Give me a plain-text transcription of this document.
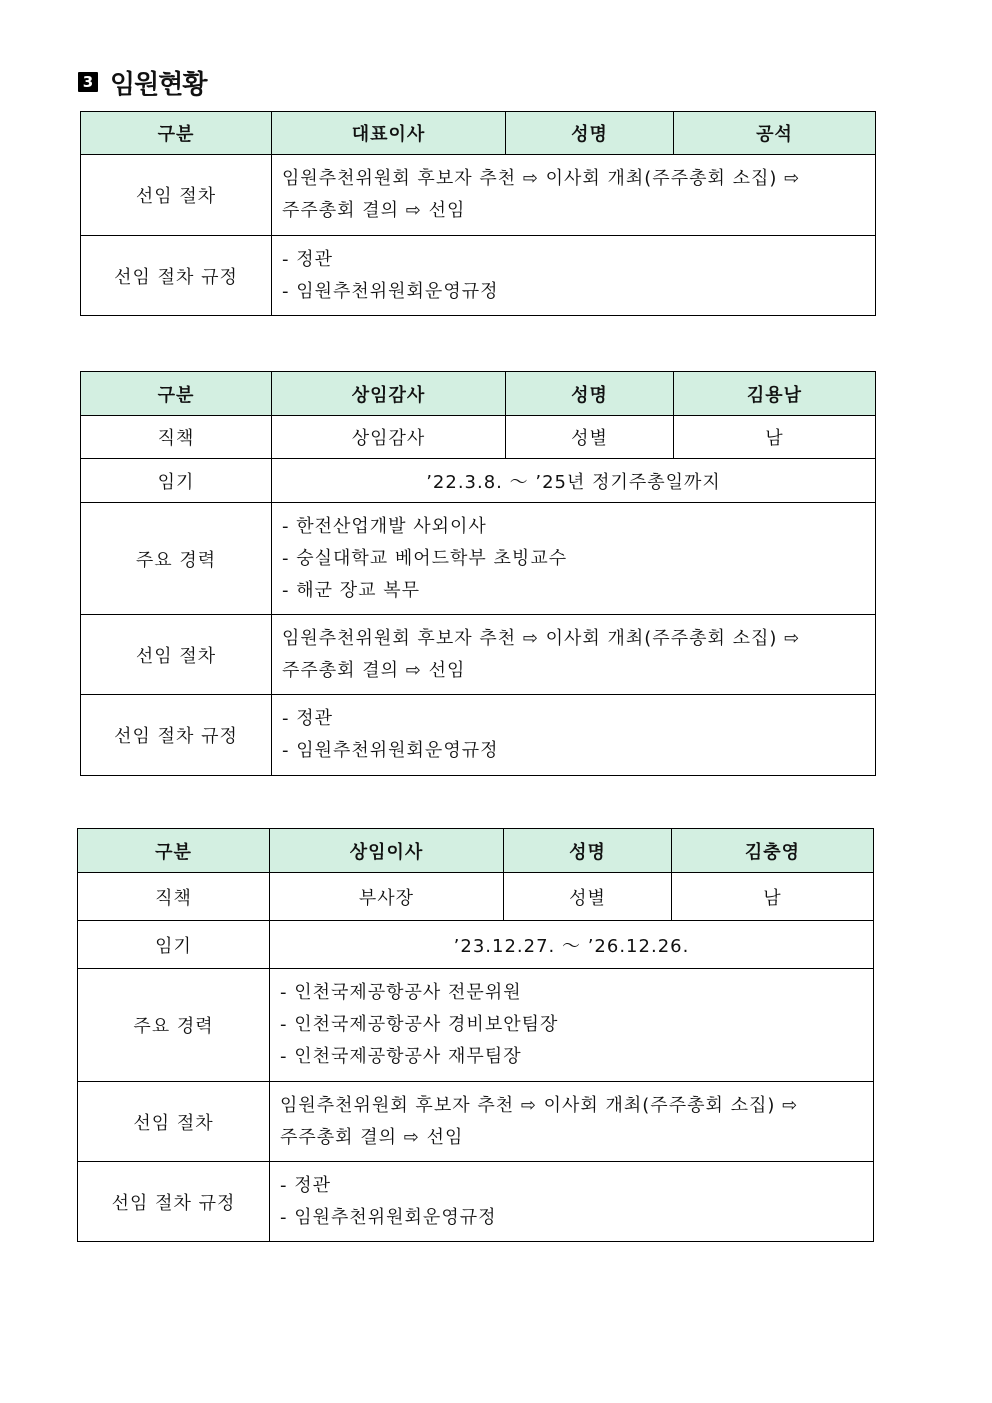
3 임원현황
구분	대표이사	성명	공석
선임 절차	임원추천위원회 후보자 추천 ⇨ 이사회 개최(주주총회 소집) ⇨
주주총회 결의 ⇨ 선임		

선임 절차 규정	- 정관
- 임원추천위원회운영규정		
구분	상임감사	성명	김용남
직책	상임감사	성별	남
임기	’22.3.8. ～ ’25년 정기주총일까지		
주요 경력	- 한전산업개발 사외이사
- 숭실대학교 베어드학부 초빙교수
- 해군 장교 복무		

선임 절차	임원추천위원회 후보자 추천 ⇨ 이사회 개최(주주총회 소집) ⇨
주주총회 결의 ⇨ 선임		

선임 절차 규정	- 정관
- 임원추천위원회운영규정		
구분	상임이사	성명	김충영
직책	부사장	성별	남
임기	’23.12.27. ～ ’26.12.26.		
주요 경력	- 인천국제공항공사 전문위원
- 인천국제공항공사 경비보안팀장
- 인천국제공항공사 재무팀장		

선임 절차	임원추천위원회 후보자 추천 ⇨ 이사회 개최(주주총회 소집) ⇨
주주총회 결의 ⇨ 선임		

선임 절차 규정	- 정관
- 임원추천위원회운영규정		
